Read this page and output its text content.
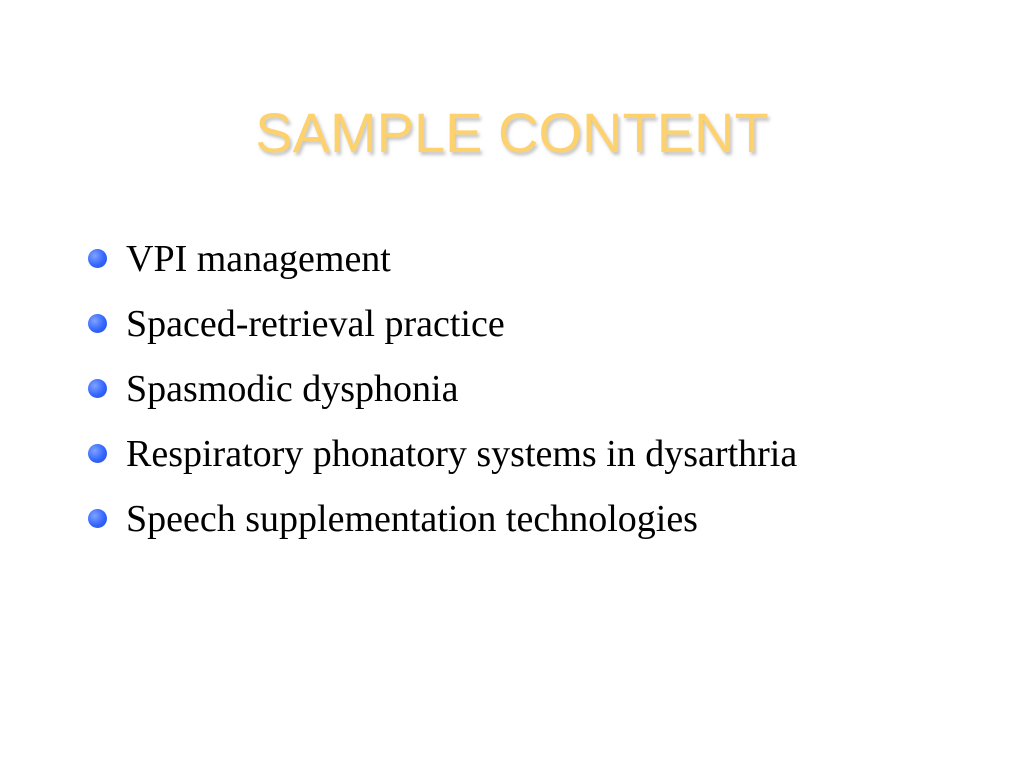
SAMPLE CONTENT
VPI management
Spaced-retrieval practice
Spasmodic dysphonia
Respiratory phonatory systems in dysarthria
Speech supplementation technologies
